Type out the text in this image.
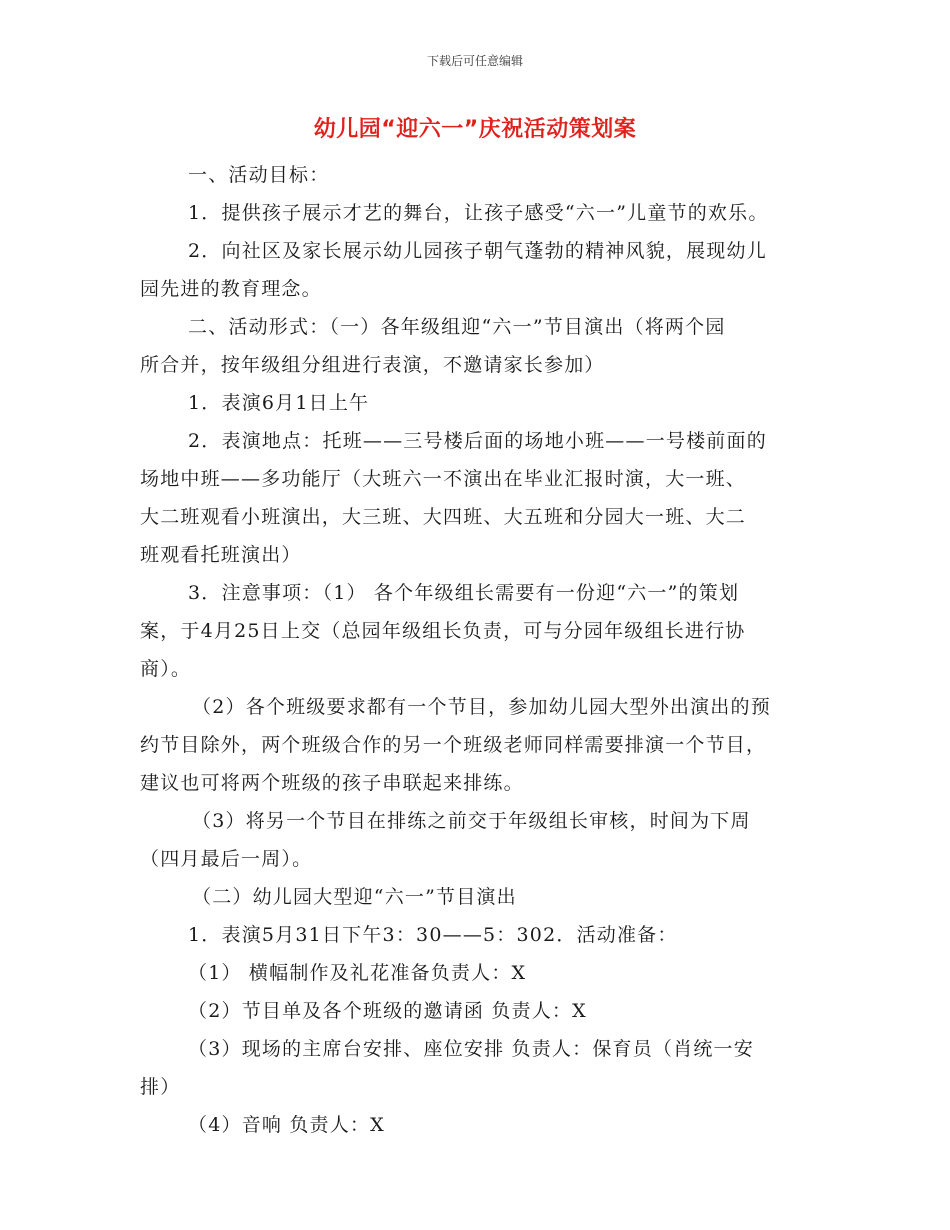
下载后可任意编辑
幼儿园“迎六一”庆祝活动策划案

一、活动目标：

1．提供孩子展示才艺的舞台，让孩子感受“六一”儿童节的欢乐。

2．向社区及家长展示幼儿园孩子朝气蓬勃的精神风貌，展现幼儿

园先进的教育理念。

二、活动形式：（一）各年级组迎“六一”节目演出（将两个园

所合并，按年级组分组进行表演，不邀请家长参加）

1．表演6月1日上午

2．表演地点：托班——三号楼后面的场地小班——一号楼前面的

场地中班——多功能厅（大班六一不演出在毕业汇报时演，大一班、

大二班观看小班演出，大三班、大四班、大五班和分园大一班、大二

班观看托班演出）

3．注意事项：（1） 各个年级组长需要有一份迎“六一”的策划

案，于4月25日上交（总园年级组长负责，可与分园年级组长进行协

商）。

（2）各个班级要求都有一个节目，参加幼儿园大型外出演出的预

约节目除外，两个班级合作的另一个班级老师同样需要排演一个节目，

建议也可将两个班级的孩子串联起来排练。

（3）将另一个节目在排练之前交于年级组长审核，时间为下周

（四月最后一周）。

（二）幼儿园大型迎“六一”节目演出

1．表演5月31日下午3：30——5：302．活动准备：

（1） 横幅制作及礼花准备负责人：X

（2）节目单及各个班级的邀请函 负责人：X

（3）现场的主席台安排、座位安排 负责人：保育员（肖统一安

排）

（4）音响 负责人：X
